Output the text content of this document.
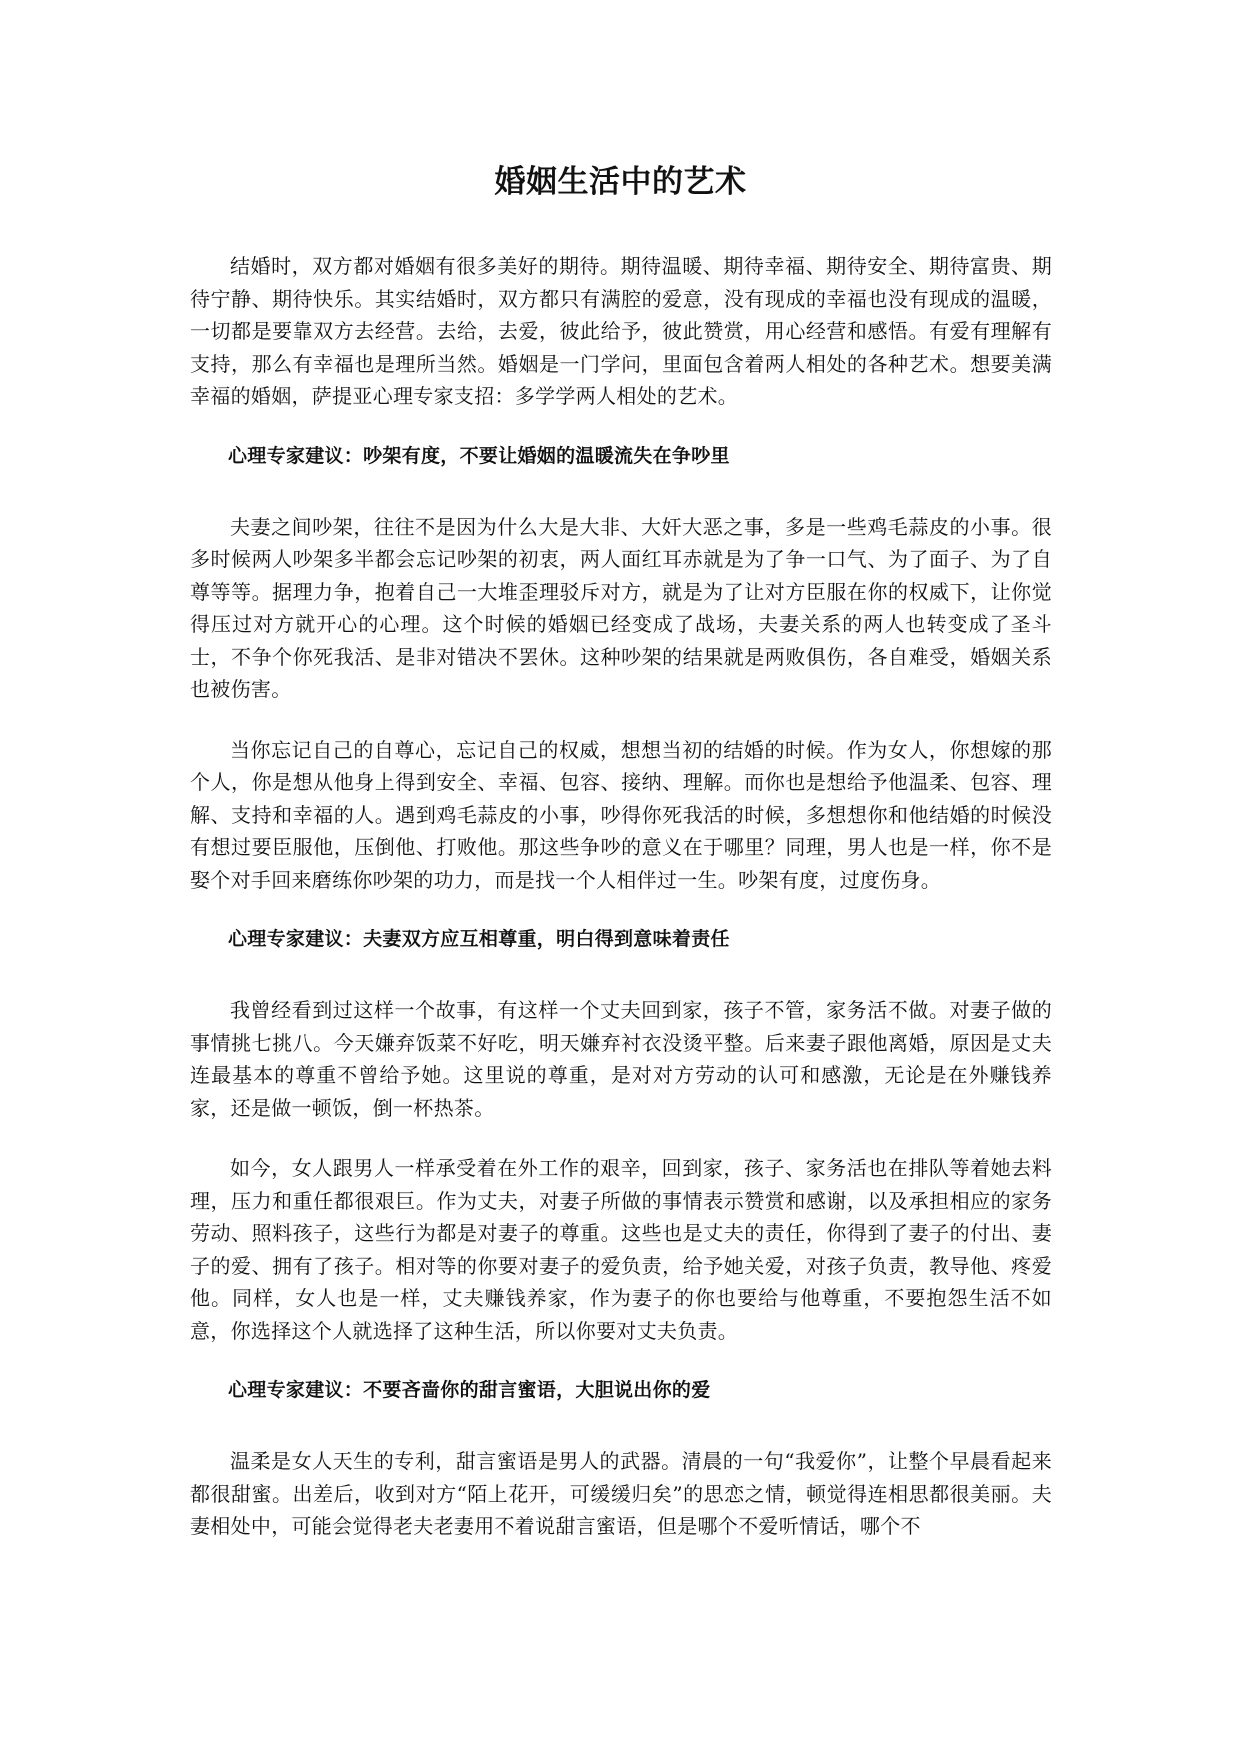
婚姻生活中的艺术

结婚时，双方都对婚姻有很多美好的期待。期待温暖、期待幸福、期待安全、期待富贵、期待宁静、期待快乐。其实结婚时，双方都只有满腔的爱意，没有现成的幸福也没有现成的温暖，一切都是要靠双方去经营。去给，去爱，彼此给予，彼此赞赏，用心经营和感悟。有爱有理解有支持，那么有幸福也是理所当然。婚姻是一门学问，里面包含着两人相处的各种艺术。想要美满幸福的婚姻，萨提亚心理专家支招：多学学两人相处的艺术。

心理专家建议：吵架有度，不要让婚姻的温暖流失在争吵里

夫妻之间吵架，往往不是因为什么大是大非、大奸大恶之事，多是一些鸡毛蒜皮的小事。很多时候两人吵架多半都会忘记吵架的初衷，两人面红耳赤就是为了争一口气、为了面子、为了自尊等等。据理力争，抱着自己一大堆歪理驳斥对方，就是为了让对方臣服在你的权威下，让你觉得压过对方就开心的心理。这个时候的婚姻已经变成了战场，夫妻关系的两人也转变成了圣斗士，不争个你死我活、是非对错决不罢休。这种吵架的结果就是两败俱伤，各自难受，婚姻关系也被伤害。

当你忘记自己的自尊心，忘记自己的权威，想想当初的结婚的时候。作为女人，你想嫁的那个人，你是想从他身上得到安全、幸福、包容、接纳、理解。而你也是想给予他温柔、包容、理解、支持和幸福的人。遇到鸡毛蒜皮的小事，吵得你死我活的时候，多想想你和他结婚的时候没有想过要臣服他，压倒他、打败他。那这些争吵的意义在于哪里？同理，男人也是一样，你不是娶个对手回来磨练你吵架的功力，而是找一个人相伴过一生。吵架有度，过度伤身。

心理专家建议：夫妻双方应互相尊重，明白得到意味着责任

我曾经看到过这样一个故事，有这样一个丈夫回到家，孩子不管，家务活不做。对妻子做的事情挑七挑八。今天嫌弃饭菜不好吃，明天嫌弃衬衣没烫平整。后来妻子跟他离婚，原因是丈夫连最基本的尊重不曾给予她。这里说的尊重，是对对方劳动的认可和感激，无论是在外赚钱养家，还是做一顿饭，倒一杯热茶。

如今，女人跟男人一样承受着在外工作的艰辛，回到家，孩子、家务活也在排队等着她去料理，压力和重任都很艰巨。作为丈夫，对妻子所做的事情表示赞赏和感谢，以及承担相应的家务劳动、照料孩子，这些行为都是对妻子的尊重。这些也是丈夫的责任，你得到了妻子的付出、妻子的爱、拥有了孩子。相对等的你要对妻子的爱负责，给予她关爱，对孩子负责，教导他、疼爱他。同样，女人也是一样，丈夫赚钱养家，作为妻子的你也要给与他尊重，不要抱怨生活不如意，你选择这个人就选择了这种生活，所以你要对丈夫负责。

心理专家建议：不要吝啬你的甜言蜜语，大胆说出你的爱

温柔是女人天生的专利，甜言蜜语是男人的武器。清晨的一句“我爱你”，让整个早晨看起来都很甜蜜。出差后，收到对方“陌上花开，可缓缓归矣”的思恋之情，顿觉得连相思都很美丽。夫妻相处中，可能会觉得老夫老妻用不着说甜言蜜语，但是哪个不爱听情话，哪个不
